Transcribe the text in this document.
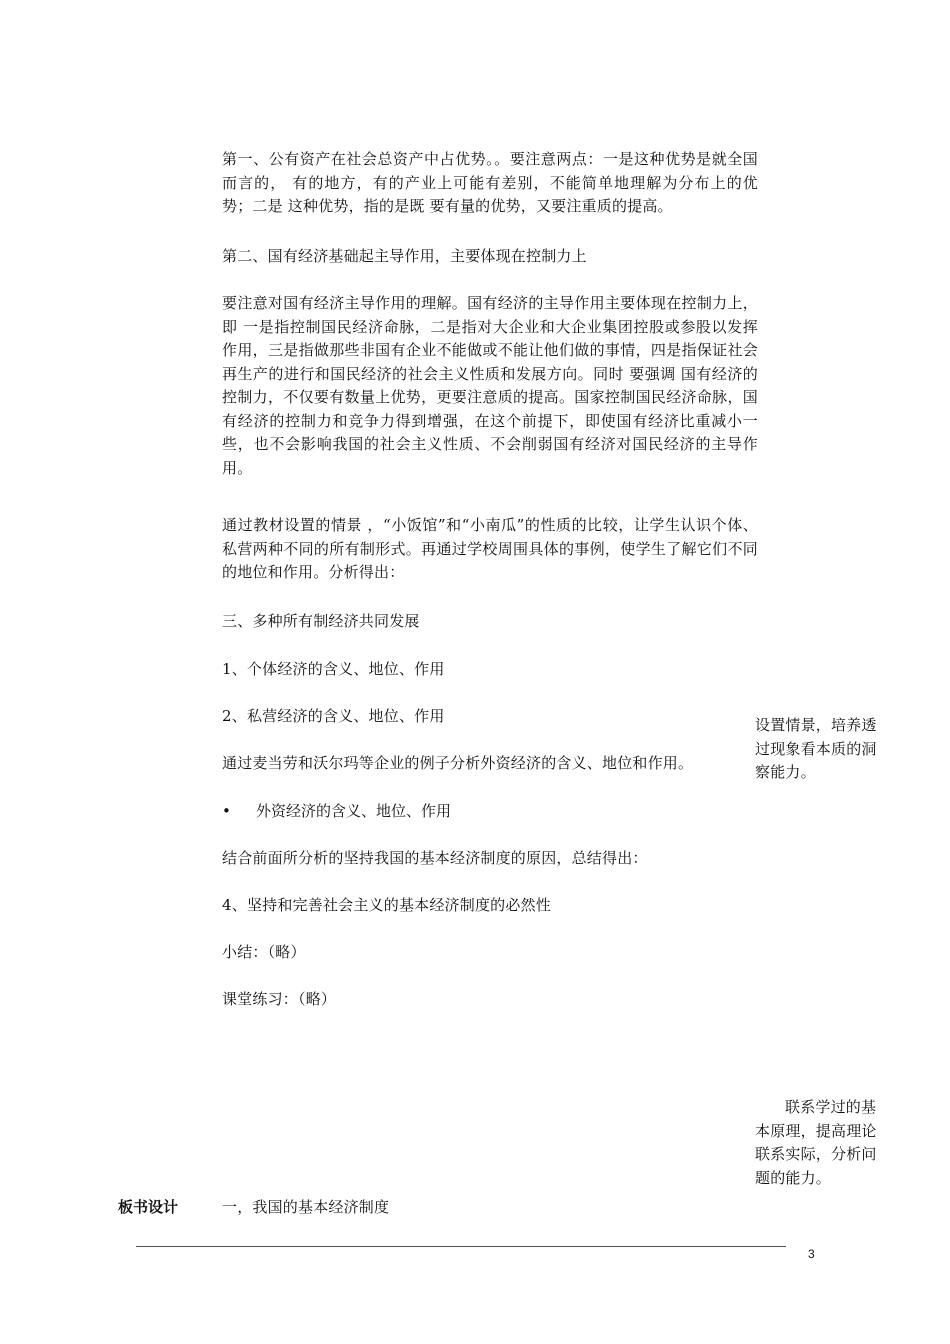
第一、公有资产在社会总资产中占优势。。要注意两点：一是这种优势是就全国而言的， 有的地方，有的产业上可能有差别，不能简单地理解为分布上的优势；二是 这种优势，指的是既 要有量的优势，又要注重质的提高。

第二、国有经济基础起主导作用，主要体现在控制力上

要注意对国有经济主导作用的理解。国有经济的主导作用主要体现在控制力上， 即 一是指控制国民经济命脉，二是指对大企业和大企业集团控股或参股以发挥作用，三是指做那些非国有企业不能做或不能让他们做的事情，四是指保证社会再生产的进行和国民经济的社会主义性质和发展方向。同时 要强调 国有经济的控制力，不仅要有数量上优势，更要注意质的提高。国家控制国民经济命脉，国有经济的控制力和竞争力得到增强，在这个前提下，即使国有经济比重减小一些，也不会影响我国的社会主义性质、不会削弱国有经济对国民经济的主导作用。

通过教材设置的情景 ，“小饭馆”和“小南瓜”的性质的比较，让学生认识个体、私营两种不同的所有制形式。再通过学校周围具体的事例，使学生了解它们不同的地位和作用。分析得出：

三、多种所有制经济共同发展

1、个体经济的含义、地位、作用

2、私营经济的含义、地位、作用

通过麦当劳和沃尔玛等企业的例子分析外资经济的含义、地位和作用。

• 外资经济的含义、地位、作用

结合前面所分析的坚持我国的基本经济制度的原因，总结得出：

4、坚持和完善社会主义的基本经济制度的必然性

小结：（略）

课堂练习：（略）

设置情景，培养透过现象看本质的洞察能力。
联系学过的基本原理，提高理论联系实际，分析问题的能力。
板书设计	一，我国的基本经济制度
3
